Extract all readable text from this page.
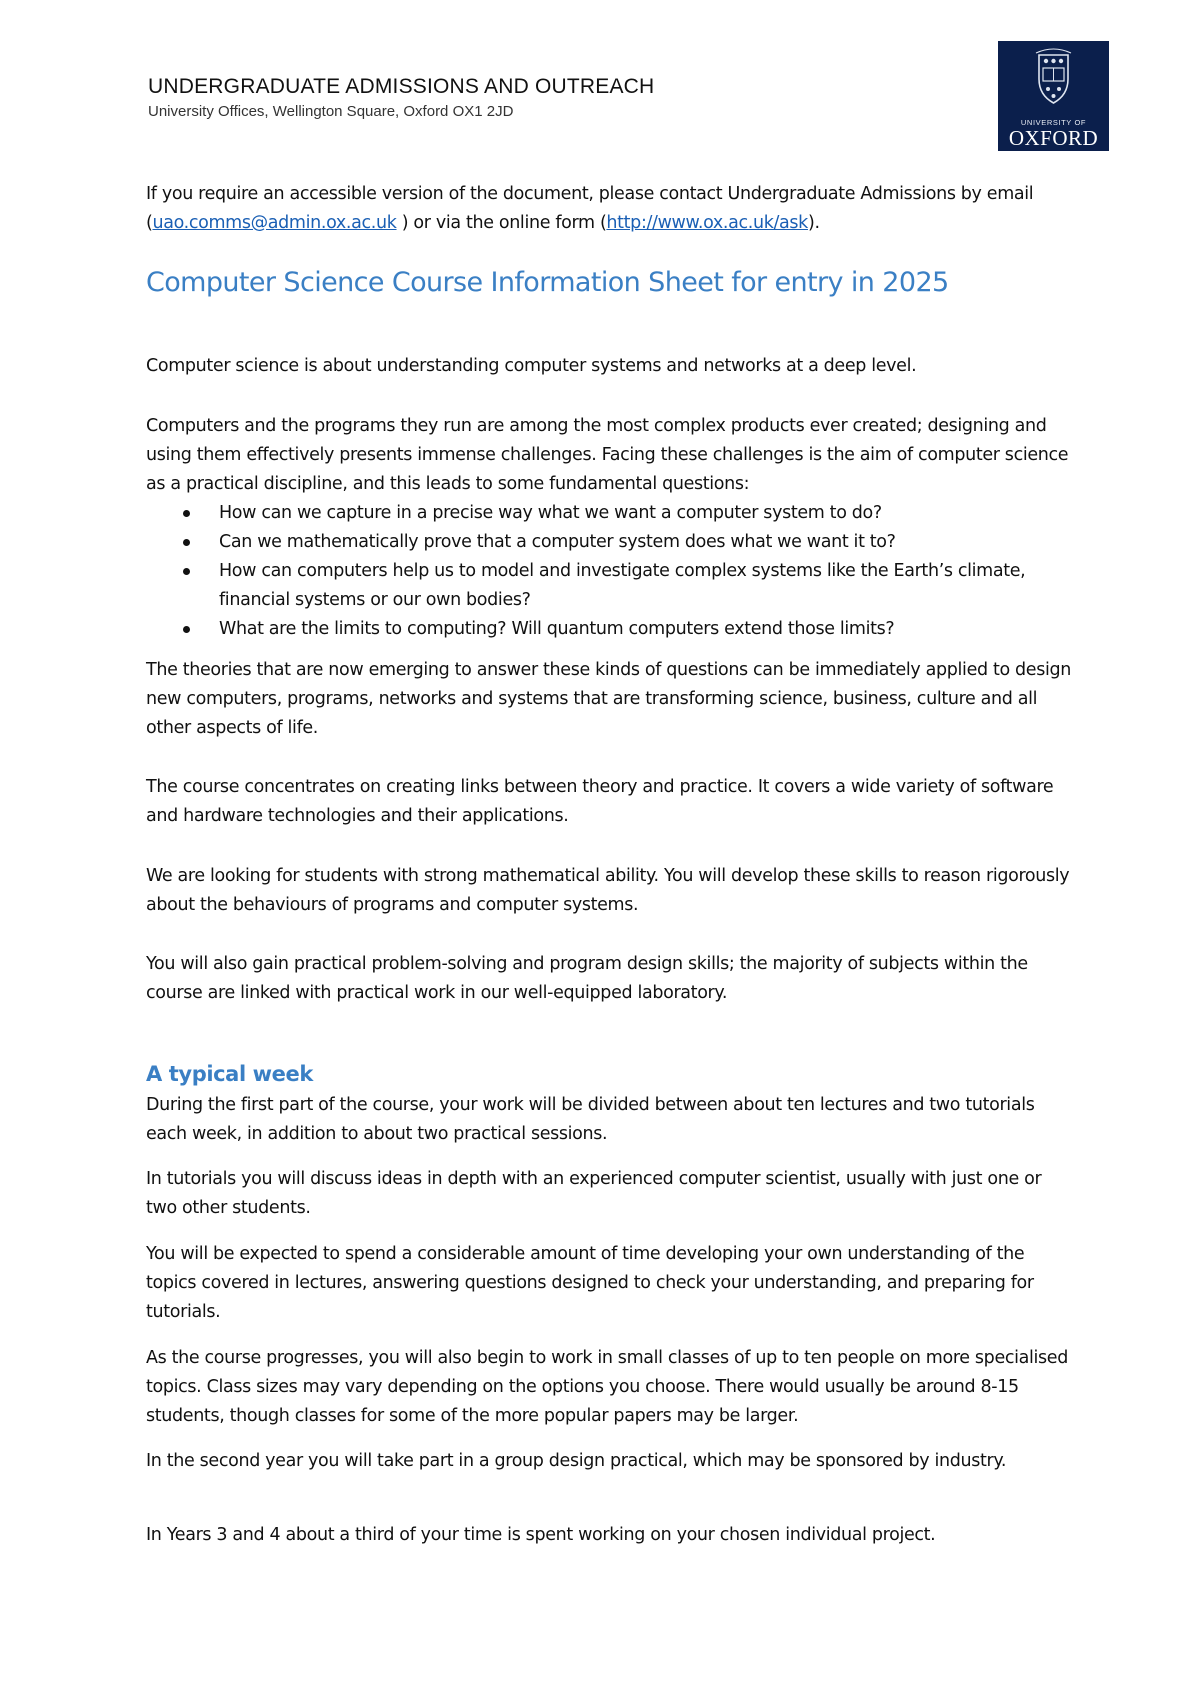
UNDERGRADUATE ADMISSIONS AND OUTREACH
University Offices, Wellington Square, Oxford OX1 2JD
UNIVERSITY OF
OXFORD

If you require an accessible version of the document, please contact Undergraduate Admissions by email (uao.comms@admin.ox.ac.uk ) or via the online form (http://www.ox.ac.uk/ask).

Computer Science Course Information Sheet for entry in 2025

Computer science is about understanding computer systems and networks at a deep level.

Computers and the programs they run are among the most complex products ever created; designing and using them effectively presents immense challenges. Facing these challenges is the aim of computer science as a practical discipline, and this leads to some fundamental questions:

How can we capture in a precise way what we want a computer system to do?
Can we mathematically prove that a computer system does what we want it to?
How can computers help us to model and investigate complex systems like the Earth’s climate, financial systems or our own bodies?
What are the limits to computing? Will quantum computers extend those limits?

The theories that are now emerging to answer these kinds of questions can be immediately applied to design new computers, programs, networks and systems that are transforming science, business, culture and all other aspects of life.

The course concentrates on creating links between theory and practice. It covers a wide variety of software and hardware technologies and their applications.

We are looking for students with strong mathematical ability. You will develop these skills to reason rigorously about the behaviours of programs and computer systems.

You will also gain practical problem-solving and program design skills; the majority of subjects within the course are linked with practical work in our well-equipped laboratory.

A typical week

During the first part of the course, your work will be divided between about ten lectures and two tutorials each week, in addition to about two practical sessions.

In tutorials you will discuss ideas in depth with an experienced computer scientist, usually with just one or two other students.

You will be expected to spend a considerable amount of time developing your own understanding of the topics covered in lectures, answering questions designed to check your understanding, and preparing for tutorials.

As the course progresses, you will also begin to work in small classes of up to ten people on more specialised topics. Class sizes may vary depending on the options you choose. There would usually be around 8-15 students, though classes for some of the more popular papers may be larger.

In the second year you will take part in a group design practical, which may be sponsored by industry.

In Years 3 and 4 about a third of your time is spent working on your chosen individual project.
